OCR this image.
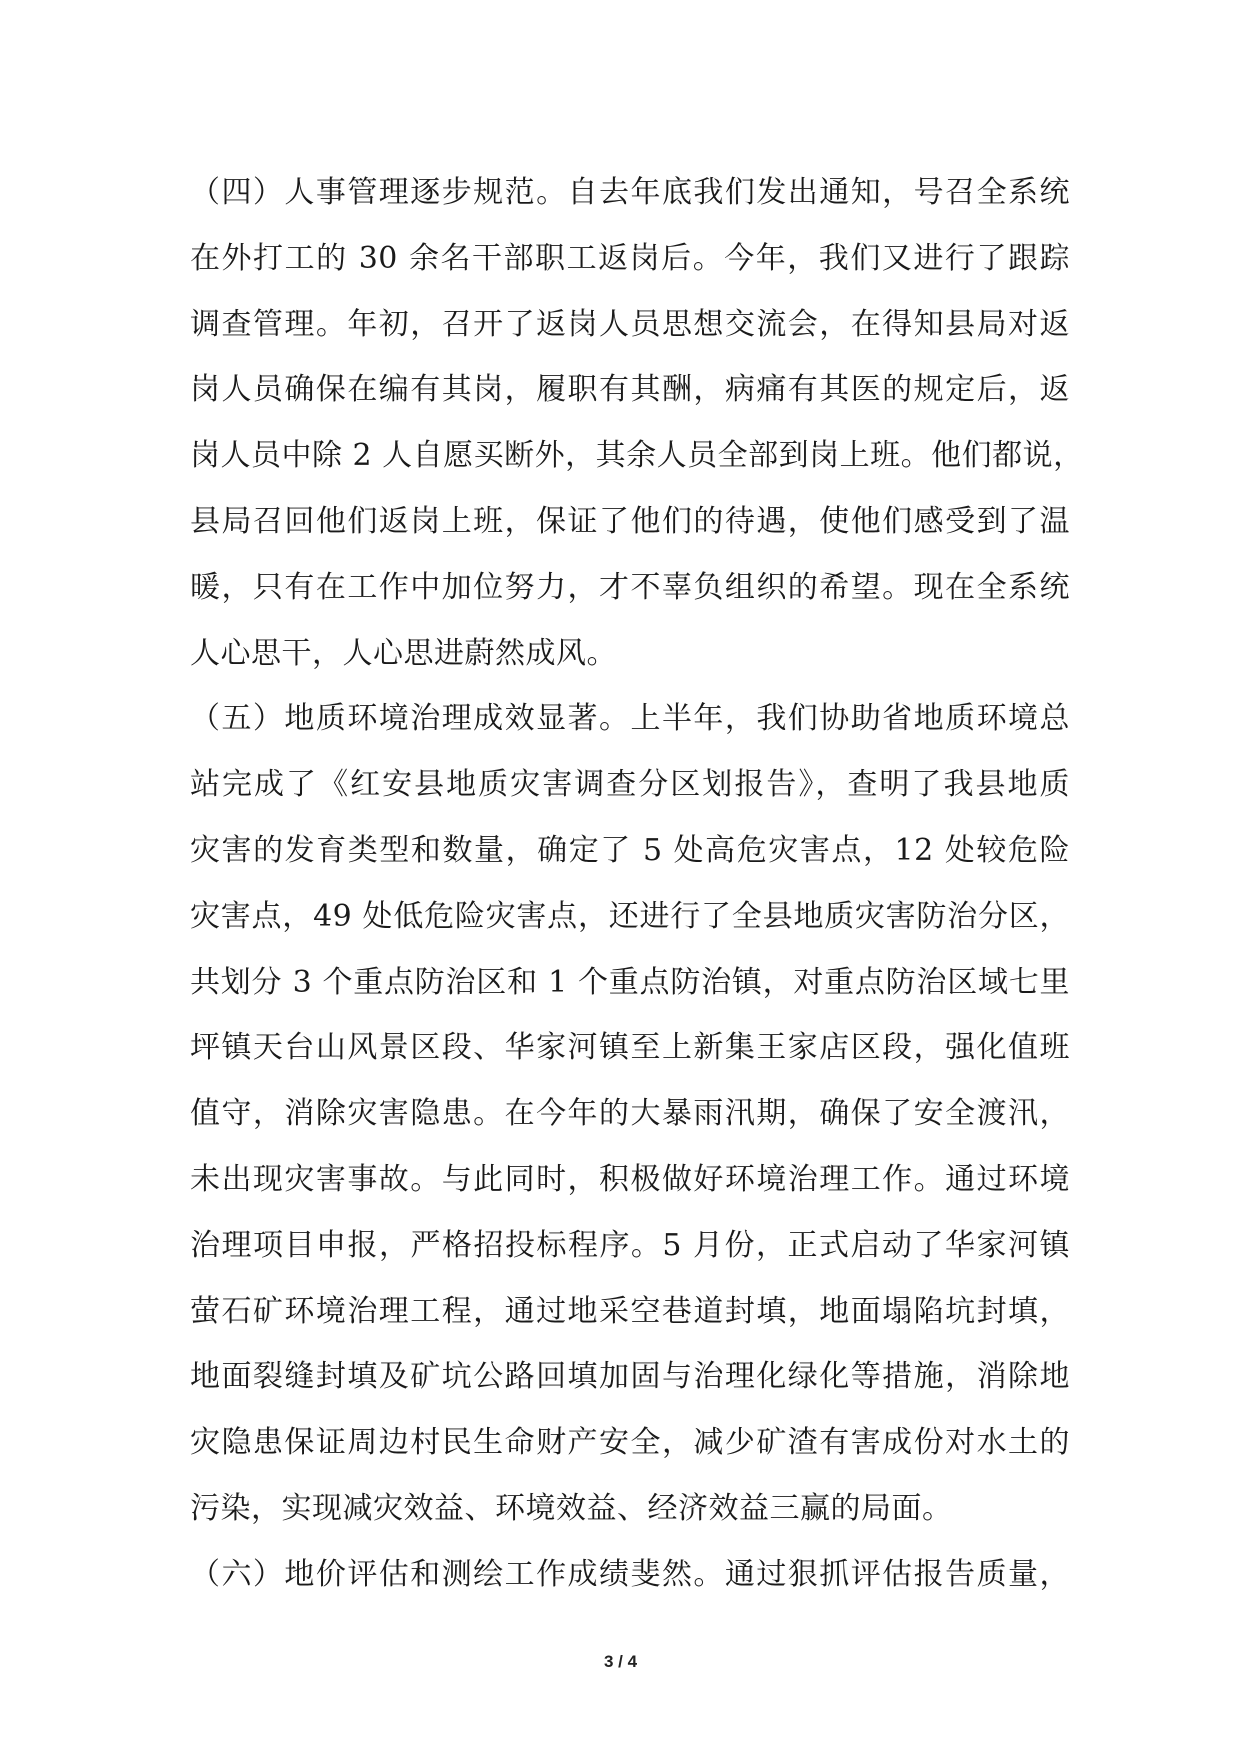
（四）人事管理逐步规范。自去年底我们发出通知，号召全系统
在外打工的 30 余名干部职工返岗后。今年，我们又进行了跟踪
调查管理。年初，召开了返岗人员思想交流会，在得知县局对返
岗人员确保在编有其岗，履职有其酬，病痛有其医的规定后，返
岗人员中除 2 人自愿买断外，其余人员全部到岗上班。他们都说，
县局召回他们返岗上班，保证了他们的待遇，使他们感受到了温
暖，只有在工作中加位努力，才不辜负组织的希望。现在全系统
人心思干，人心思进蔚然成风。
（五）地质环境治理成效显著。上半年，我们协助省地质环境总
站完成了《红安县地质灾害调查分区划报告》，查明了我县地质
灾害的发育类型和数量，确定了 5 处高危灾害点，12 处较危险
灾害点，49 处低危险灾害点，还进行了全县地质灾害防治分区，
共划分 3 个重点防治区和 1 个重点防治镇，对重点防治区域七里
坪镇天台山风景区段、华家河镇至上新集王家店区段，强化值班
值守，消除灾害隐患。在今年的大暴雨汛期，确保了安全渡汛，
未出现灾害事故。与此同时，积极做好环境治理工作。通过环境
治理项目申报，严格招投标程序。5 月份，正式启动了华家河镇
萤石矿环境治理工程，通过地采空巷道封填，地面塌陷坑封填，
地面裂缝封填及矿坑公路回填加固与治理化绿化等措施，消除地
灾隐患保证周边村民生命财产安全，减少矿渣有害成份对水土的
污染，实现减灾效益、环境效益、经济效益三赢的局面。
（六）地价评估和测绘工作成绩斐然。通过狠抓评估报告质量，
3 / 4
